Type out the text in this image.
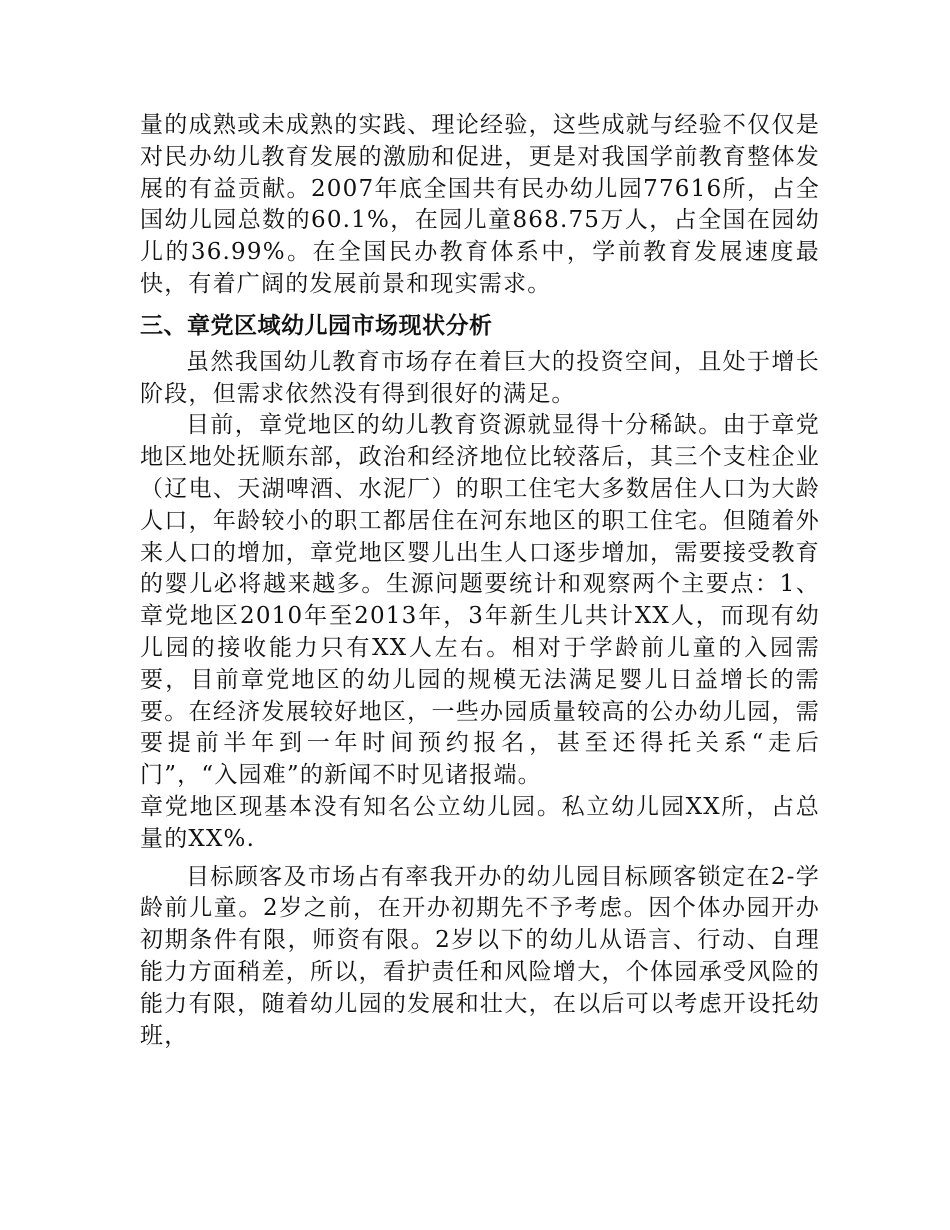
量的成熟或未成熟的实践、理论经验，这些成就与经验不仅仅是对民办幼儿教育发展的激励和促进，更是对我国学前教育整体发展的有益贡献。2007年底全国共有民办幼儿园77616所，占全国幼儿园总数的60.1%，在园儿童868.75万人，占全国在园幼儿的36.99%。在全国民办教育体系中，学前教育发展速度最快，有着广阔的发展前景和现实需求。

三、章党区域幼儿园市场现状分析

虽然我国幼儿教育市场存在着巨大的投资空间，且处于增长阶段，但需求依然没有得到很好的满足。

目前，章党地区的幼儿教育资源就显得十分稀缺。由于章党地区地处抚顺东部，政治和经济地位比较落后，其三个支柱企业（辽电、天湖啤酒、水泥厂）的职工住宅大多数居住人口为大龄人口，年龄较小的职工都居住在河东地区的职工住宅。但随着外来人口的增加，章党地区婴儿出生人口逐步增加，需要接受教育的婴儿必将越来越多。生源问题要统计和观察两个主要点：1、章党地区2010年至2013年，3年新生儿共计XX人，而现有幼儿园的接收能力只有XX人左右。相对于学龄前儿童的入园需要，目前章党地区的幼儿园的规模无法满足婴儿日益增长的需要。在经济发展较好地区，一些办园质量较高的公办幼儿园，需要提前半年到一年时间预约报名，甚至还得托关系“走后门”，“入园难”的新闻不时见诸报端。

章党地区现基本没有知名公立幼儿园。私立幼儿园XX所，占总量的XX%.

目标顾客及市场占有率我开办的幼儿园目标顾客锁定在2-学龄前儿童。2岁之前，在开办初期先不予考虑。因个体办园开办初期条件有限，师资有限。2岁以下的幼儿从语言、行动、自理能力方面稍差，所以，看护责任和风险增大，个体园承受风险的能力有限，随着幼儿园的发展和壮大，在以后可以考虑开设托幼班，
